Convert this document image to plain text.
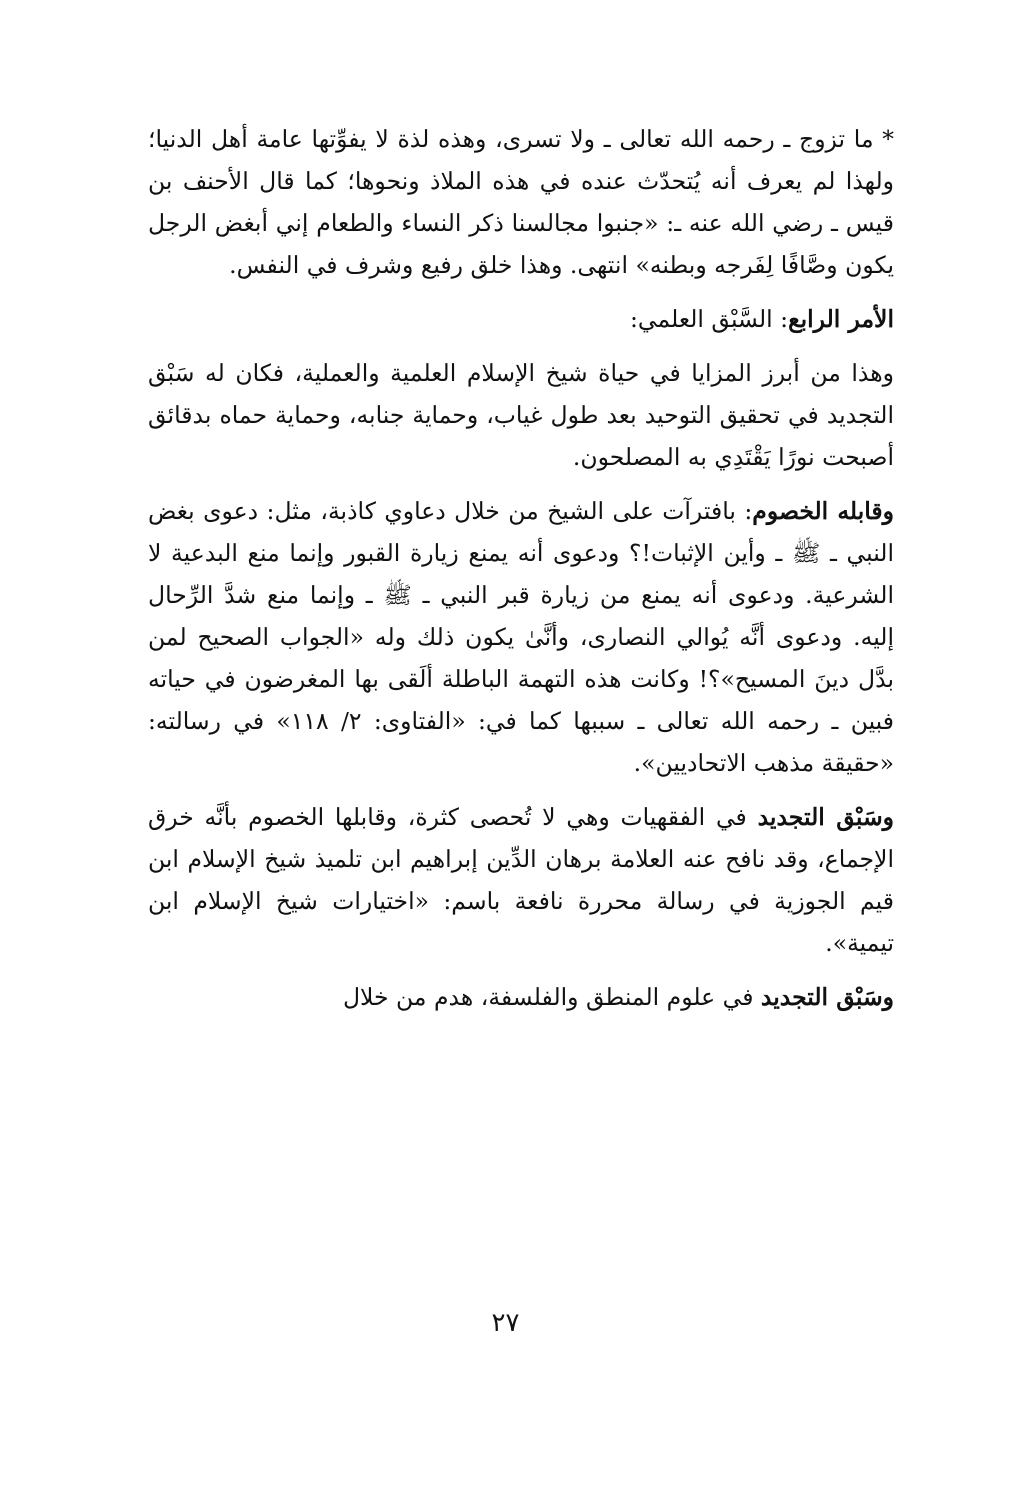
* ما تزوج ـ رحمه الله تعالى ـ ولا تسرى، وهذه لذة لا يفوِّتها عامة أهل الدنيا؛ ولهذا لم يعرف أنه يُتحدّث عنده في هذه الملاذ ونحوها؛ كما قال الأحنف بن قيس ـ رضي الله عنه ـ: «جنبوا مجالسنا ذكر النساء والطعام إني أبغض الرجل يكون وصَّافًا لِفَرجه وبطنه» انتهى. وهذا خلق رفيع وشرف في النفس.

الأمر الرابع: السَّبْق العلمي:

وهذا من أبرز المزايا في حياة شيخ الإسلام العلمية والعملية، فكان له سَبْق التجديد في تحقيق التوحيد بعد طول غياب، وحماية جنابه، وحماية حماه بدقائق أصبحت نورًا يَقْتَدِي به المصلحون.

وقابله الخصوم: بافترآت على الشيخ من خلال دعاوي كاذبة، مثل: دعوى بغض النبي ـ ﷺ ـ وأين الإثبات!؟ ودعوى أنه يمنع زيارة القبور وإنما منع البدعية لا الشرعية. ودعوى أنه يمنع من زيارة قبر النبي ـ ﷺ ـ وإنما منع شدَّ الرِّحال إليه. ودعوى أنَّه يُوالي النصارى، وأنَّىٰ يكون ذلك وله «الجواب الصحيح لمن بدَّل دينَ المسيح»؟! وكانت هذه التهمة الباطلة ألَقى بها المغرضون في حياته فبين ـ رحمه الله تعالى ـ سببها كما في: «الفتاوى: ٢/ ١١٨» في رسالته: «حقيقة مذهب الاتحاديين».

وسَبْق التجديد في الفقهيات وهي لا تُحصى كثرة، وقابلها الخصوم بأنَّه خرق الإجماع، وقد نافح عنه العلامة برهان الدِّين إبراهيم ابن تلميذ شيخ الإسلام ابن قيم الجوزية في رسالة محررة نافعة باسم: «اختيارات شيخ الإسلام ابن تيمية».

وسَبْق التجديد في علوم المنطق والفلسفة، هدم من خلال

٢٧
